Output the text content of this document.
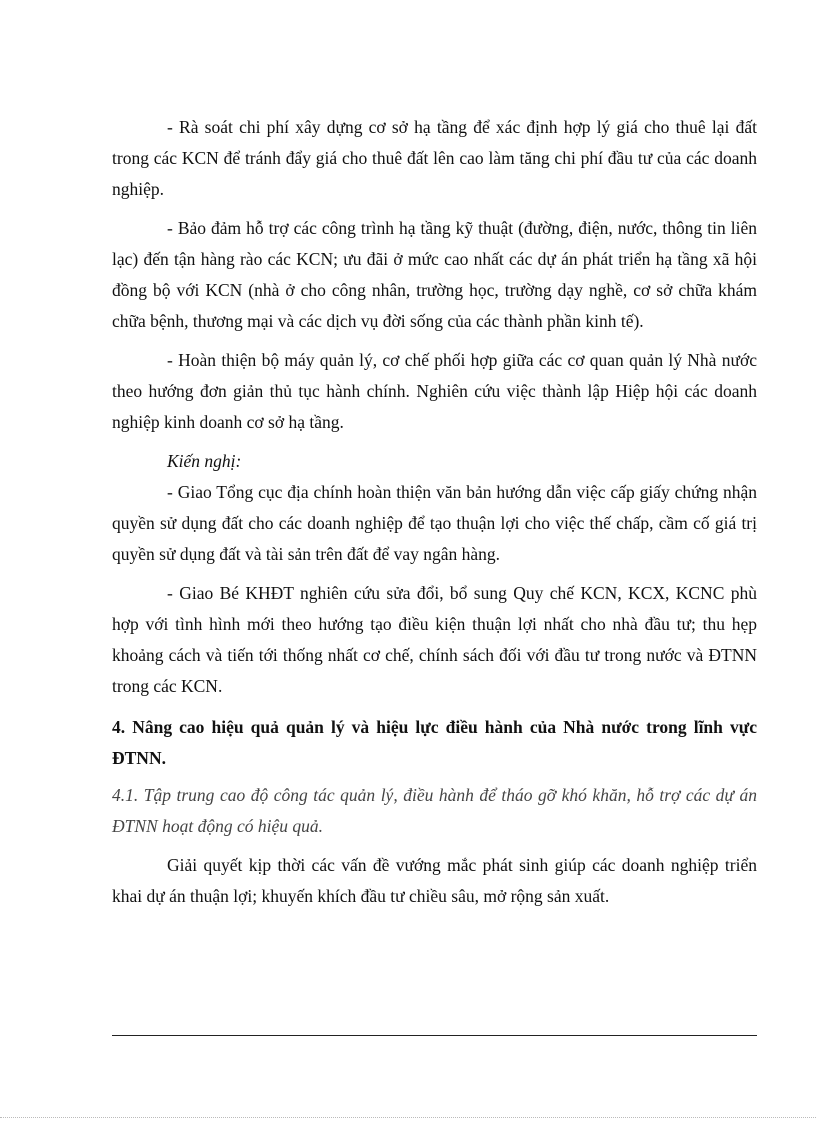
- Rà soát chi phí xây dựng cơ sở hạ tầng để xác định hợp lý giá cho thuê lại đất trong các KCN để tránh đẩy giá cho thuê đất lên cao làm tăng chi phí đầu tư của các doanh nghiệp.

- Bảo đảm hỗ trợ các công trình hạ tầng kỹ thuật (đường, điện, nước, thông tin liên lạc) đến tận hàng rào các KCN; ưu đãi ở mức cao nhất các dự án phát triển hạ tầng xã hội đồng bộ với KCN (nhà ở cho công nhân, trường học, trường dạy nghề, cơ sở chữa khám chữa bệnh, thương mại và các dịch vụ đời sống của các thành phần kinh tế).

- Hoàn thiện bộ máy quản lý, cơ chế phối hợp giữa các cơ quan quản lý Nhà nước theo hướng đơn giản thủ tục hành chính. Nghiên cứu việc thành lập Hiệp hội các doanh nghiệp kinh doanh cơ sở hạ tầng.

Kiến nghị:

- Giao Tổng cục địa chính hoàn thiện văn bản hướng dẫn việc cấp giấy chứng nhận quyền sử dụng đất cho các doanh nghiệp để tạo thuận lợi cho việc thế chấp, cầm cố giá trị quyền sử dụng đất và tài sản trên đất để vay ngân hàng.

- Giao Bé KHĐT nghiên cứu sửa đổi, bổ sung Quy chế KCN, KCX, KCNC phù hợp với tình hình mới theo hướng tạo điều kiện thuận lợi nhất cho nhà đầu tư; thu hẹp khoảng cách và tiến tới thống nhất cơ chế, chính sách đối với đầu tư trong nước và ĐTNN trong các KCN.

4. Nâng cao hiệu quả quản lý và hiệu lực điều hành của Nhà nước trong lĩnh vực ĐTNN.

4.1. Tập trung cao độ công tác quản lý, điều hành để tháo gỡ khó khăn, hỗ trợ các dự án ĐTNN hoạt động có hiệu quả.

Giải quyết kịp thời các vấn đề vướng mắc phát sinh giúp các doanh nghiệp triển khai dự án thuận lợi; khuyến khích đầu tư chiều sâu, mở rộng sản xuất.
